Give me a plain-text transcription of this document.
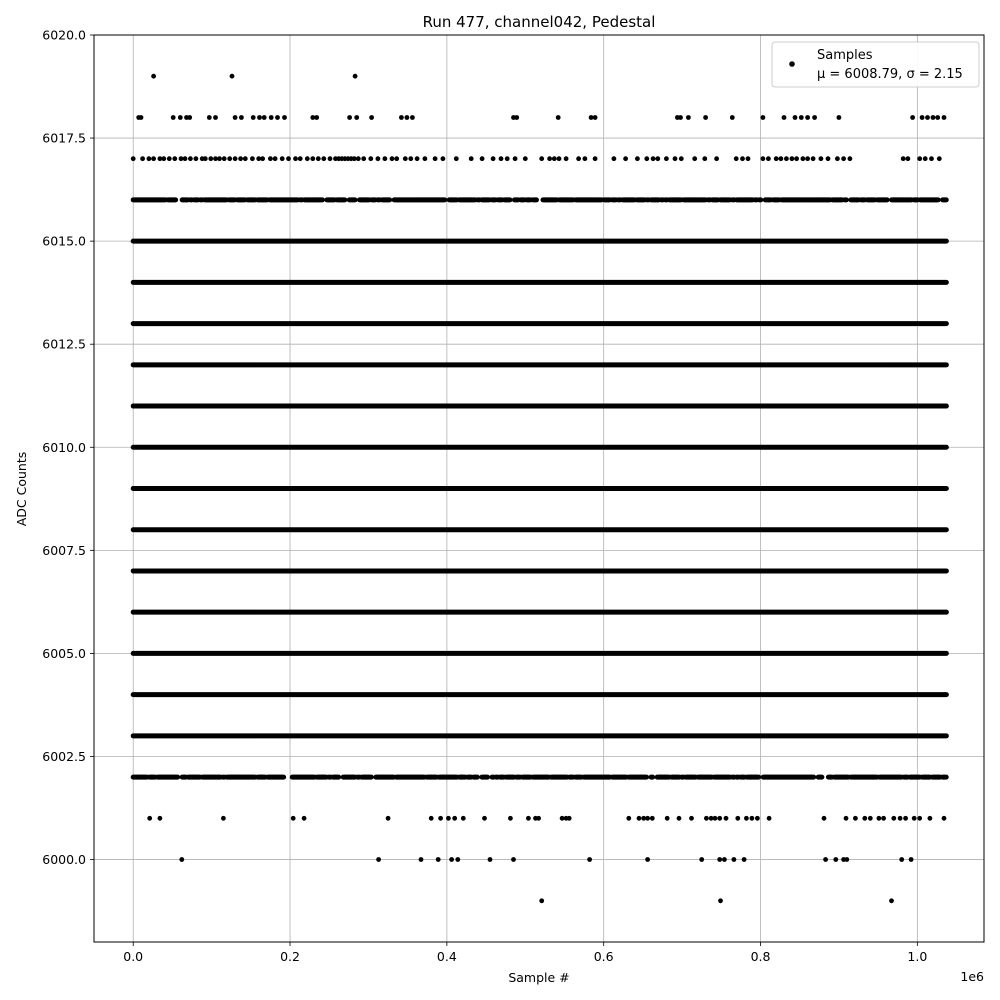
Run 477, channel042, Pedestal
0.0	0.2	0.4	0.6	0.8	1.0
6000.0
6002.5
6005.0
6007.5
6010.0
6012.5
6015.0
6017.5
6020.0
Sample #
ADC Counts
1e6
Samples
μ = 6008.79, σ = 2.15
